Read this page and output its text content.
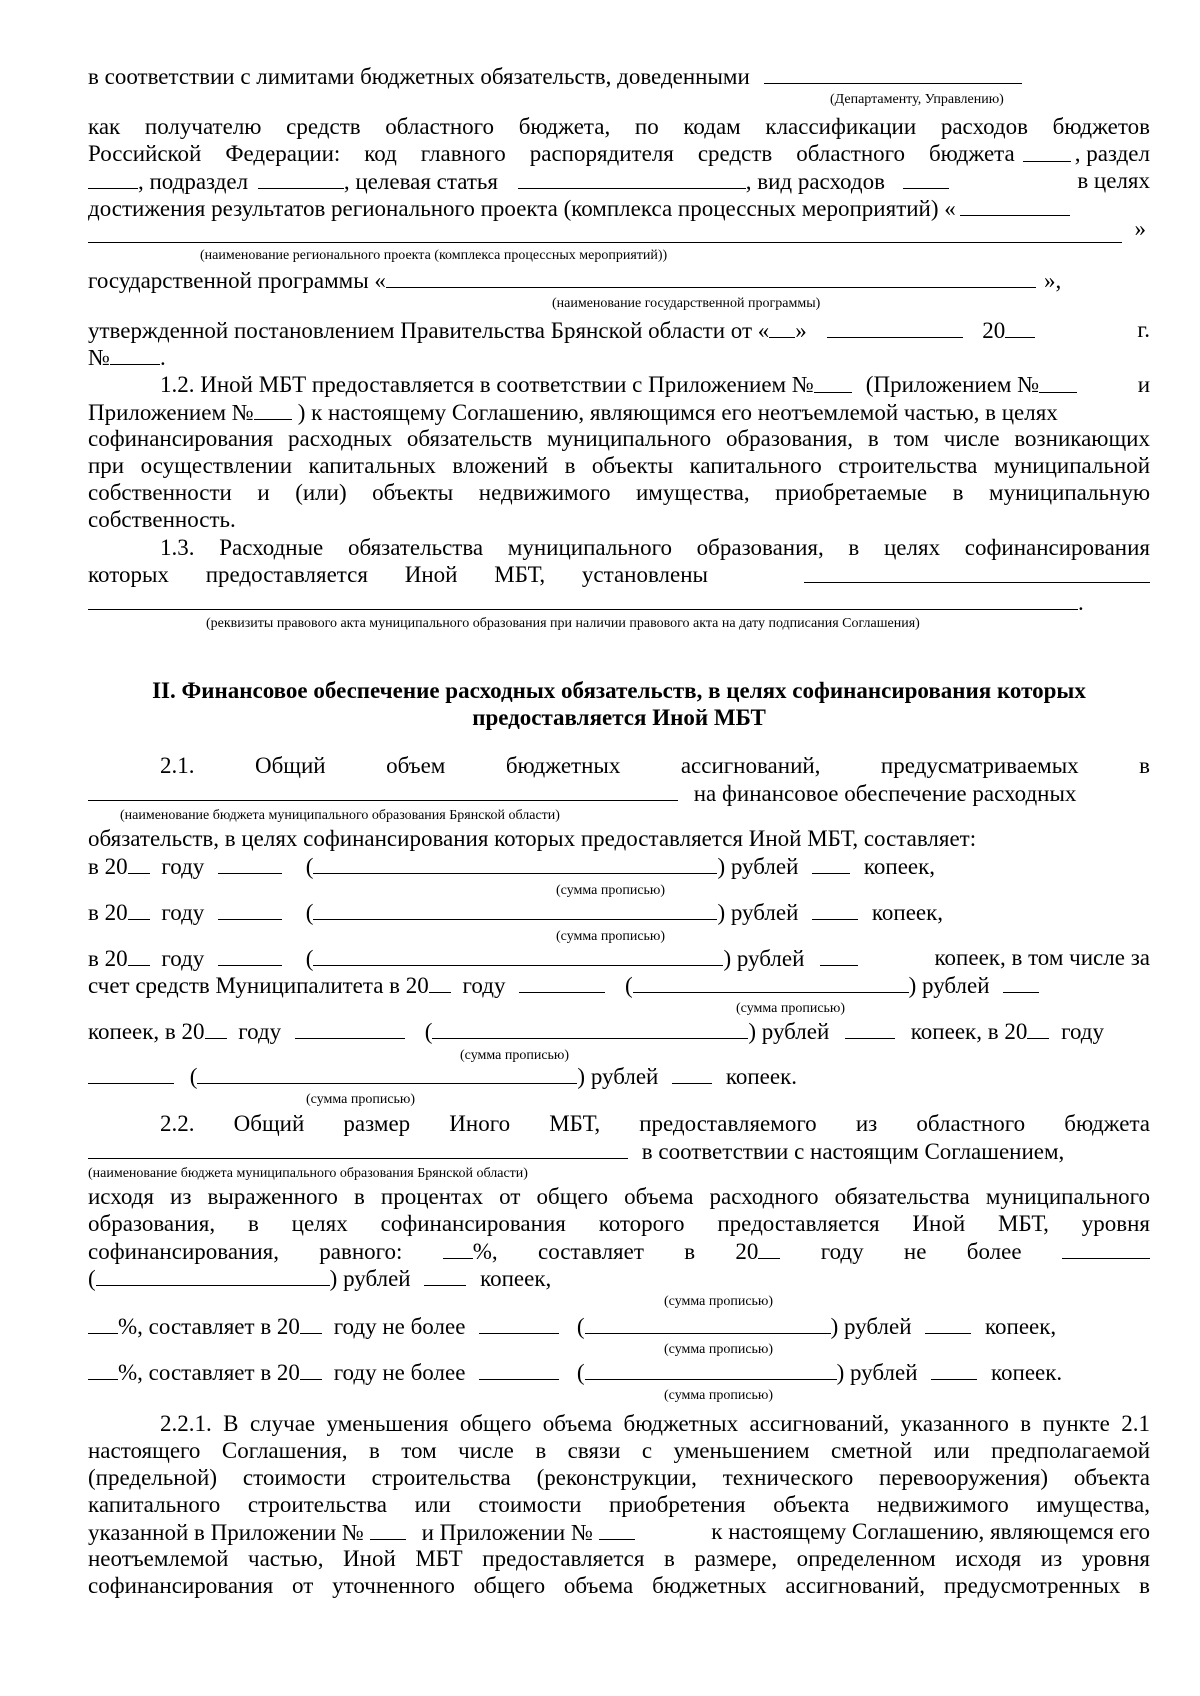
в соответствии с лимитами бюджетных обязательств, доведенными
(Департаменту, Управлению)
как получателю средств областного бюджета, по кодам классификации расходов бюджетов
Российской Федерации: код главного распорядителя средств областного бюджета	, раздел
, подраздел	, целевая статья	, вид расходов	в целях
достижения результатов регионального проекта (комплекса процессных мероприятий) «
»
(наименование регионального проекта (комплекса процессных мероприятий))
государственной программы «	»,
(наименование государственной программы)
утвержденной постановлением Правительства Брянской области от « »	20	г.
№ .
1.2. Иной МБТ предоставляется в соответствии с Приложением № (Приложением №	и
Приложением № ) к настоящему Соглашению, являющимся его неотъемлемой частью, в целях
софинансирования расходных обязательств муниципального образования, в том числе возникающих
при осуществлении капитальных вложений в объекты капитального строительства муниципальной
собственности и (или) объекты недвижимого имущества, приобретаемые в муниципальную
собственность.
1.3. Расходные обязательства муниципального образования, в целях софинансирования
которых предоставляется Иной МБТ, установлены
.
(реквизиты правового акта муниципального образования при наличии правового акта на дату подписания Соглашения)
II. Финансовое обеспечение расходных обязательств, в целях софинансирования которых
предоставляется Иной МБТ
2.1. Общий объем бюджетных ассигнований, предусматриваемых в
на финансовое обеспечение расходных
(наименование бюджета муниципального образования Брянской области)
обязательств, в целях софинансирования которых предоставляется Иной МБТ, составляет:
в 20 году	(	) рублей	копеек,
(сумма прописью)
в 20 году	(	) рублей	копеек,
(сумма прописью)
в 20 году	(	) рублей	копеек, в том числе за
счет средств Муниципалитета в 20 году	(	) рублей
(сумма прописью)
копеек, в 20 году	(	) рублей	копеек, в 20 году
(сумма прописью)
(	) рублей	копеек.
(сумма прописью)
2.2. Общий размер Иного МБТ, предоставляемого из областного бюджета
в соответствии с настоящим Соглашением,
(наименование бюджета муниципального образования Брянской области)
исходя из выраженного в процентах от общего объема расходного обязательства муниципального
образования, в целях софинансирования которого предоставляется Иной МБТ, уровня
софинансирования, равного:	%, составляет в 20	году не более
(	) рублей	копеек,
(сумма прописью)
%, составляет в 20 году не более	(	) рублей	копеек,
(сумма прописью)
%, составляет в 20 году не более	(	) рублей	копеек.
(сумма прописью)
2.2.1. В случае уменьшения общего объема бюджетных ассигнований, указанного в пункте 2.1
настоящего Соглашения, в том числе в связи с уменьшением сметной или предполагаемой
(предельной) стоимости строительства (реконструкции, технического перевооружения) объекта
капитального строительства или стоимости приобретения объекта недвижимого имущества,
указанной в Приложении №	и Приложении №	к настоящему Соглашению, являющемся его
неотъемлемой частью, Иной МБТ предоставляется в размере, определенном исходя из уровня
софинансирования от уточненного общего объема бюджетных ассигнований, предусмотренных в
